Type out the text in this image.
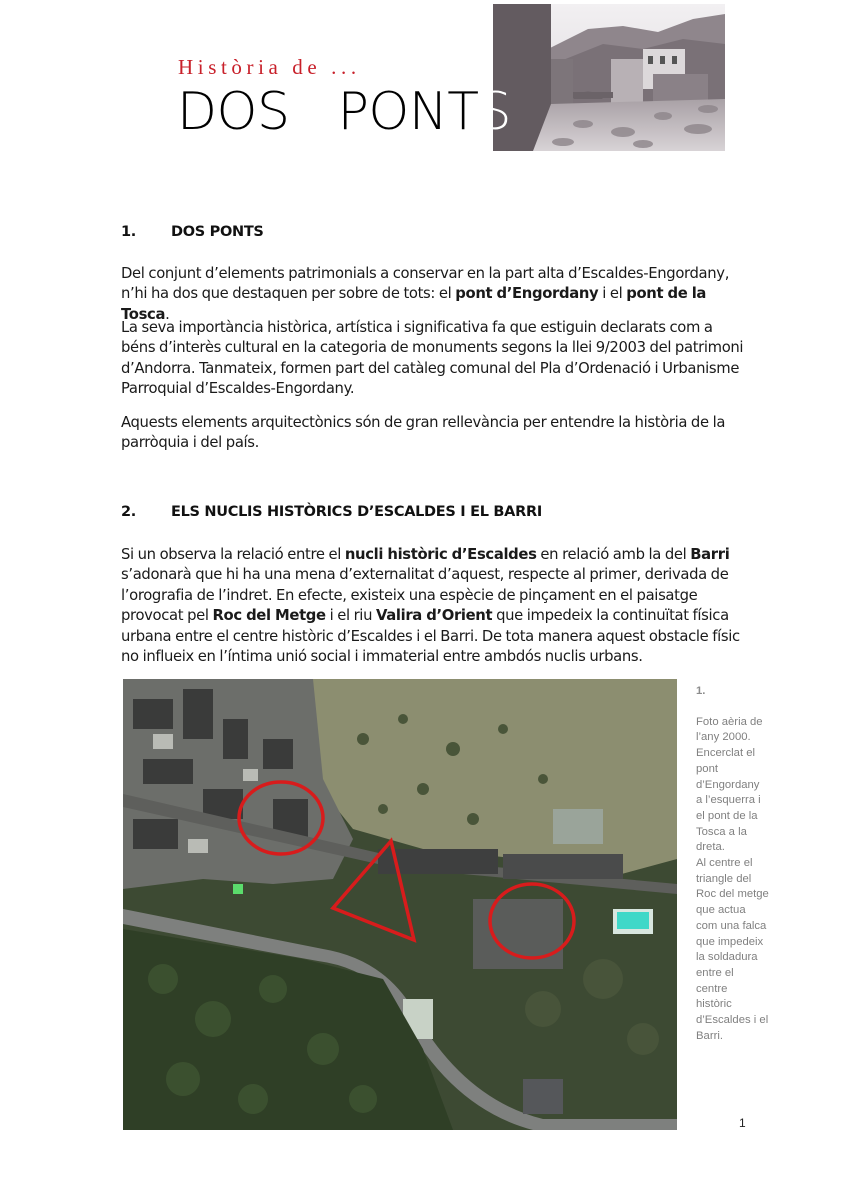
Història de ...
DOS   PONTS
1. DOS PONTS
Del conjunt d’elements patrimonials a conservar en la part alta d’Escaldes-Engordany, n’hi ha dos que destaquen per sobre de tots: el pont d’Engordany i el pont de la Tosca.
La seva importància històrica, artística i significativa fa que estiguin declarats com a béns d’interès cultural en la categoria de monuments segons la llei 9/2003 del patrimoni d’Andorra. Tanmateix, formen part del catàleg comunal del Pla d’Ordenació i Urbanisme Parroquial d’Escaldes-Engordany.
Aquests elements arquitectònics són de gran rellevància per entendre la història de la parròquia i del país.
2. ELS NUCLIS HISTÒRICS D’ESCALDES I EL BARRI
Si un observa la relació entre el nucli històric d’Escaldes en relació amb la del Barri s’adonarà que hi ha una mena d’externalitat d’aquest, respecte al primer, derivada de l’orografia de l’indret. En efecte, existeix una espècie de pinçament en el paisatge provocat pel Roc del Metge i el riu Valira d’Orient que impedeix la continuïtat física urbana entre el centre històric d’Escaldes i el Barri. De tota manera aquest obstacle físic no influeix en l’íntima unió social i immaterial entre ambdós nuclis urbans.
1.
Foto aèria de
l’any 2000.
Encerclat el
pont
d’Engordany
a l’esquerra i
el pont de la
Tosca a la
dreta.
Al centre el
triangle del
Roc del metge
que actua
com una falca
que impedeix
la soldadura
entre el
centre
històric
d’Escaldes i el
Barri.
1
